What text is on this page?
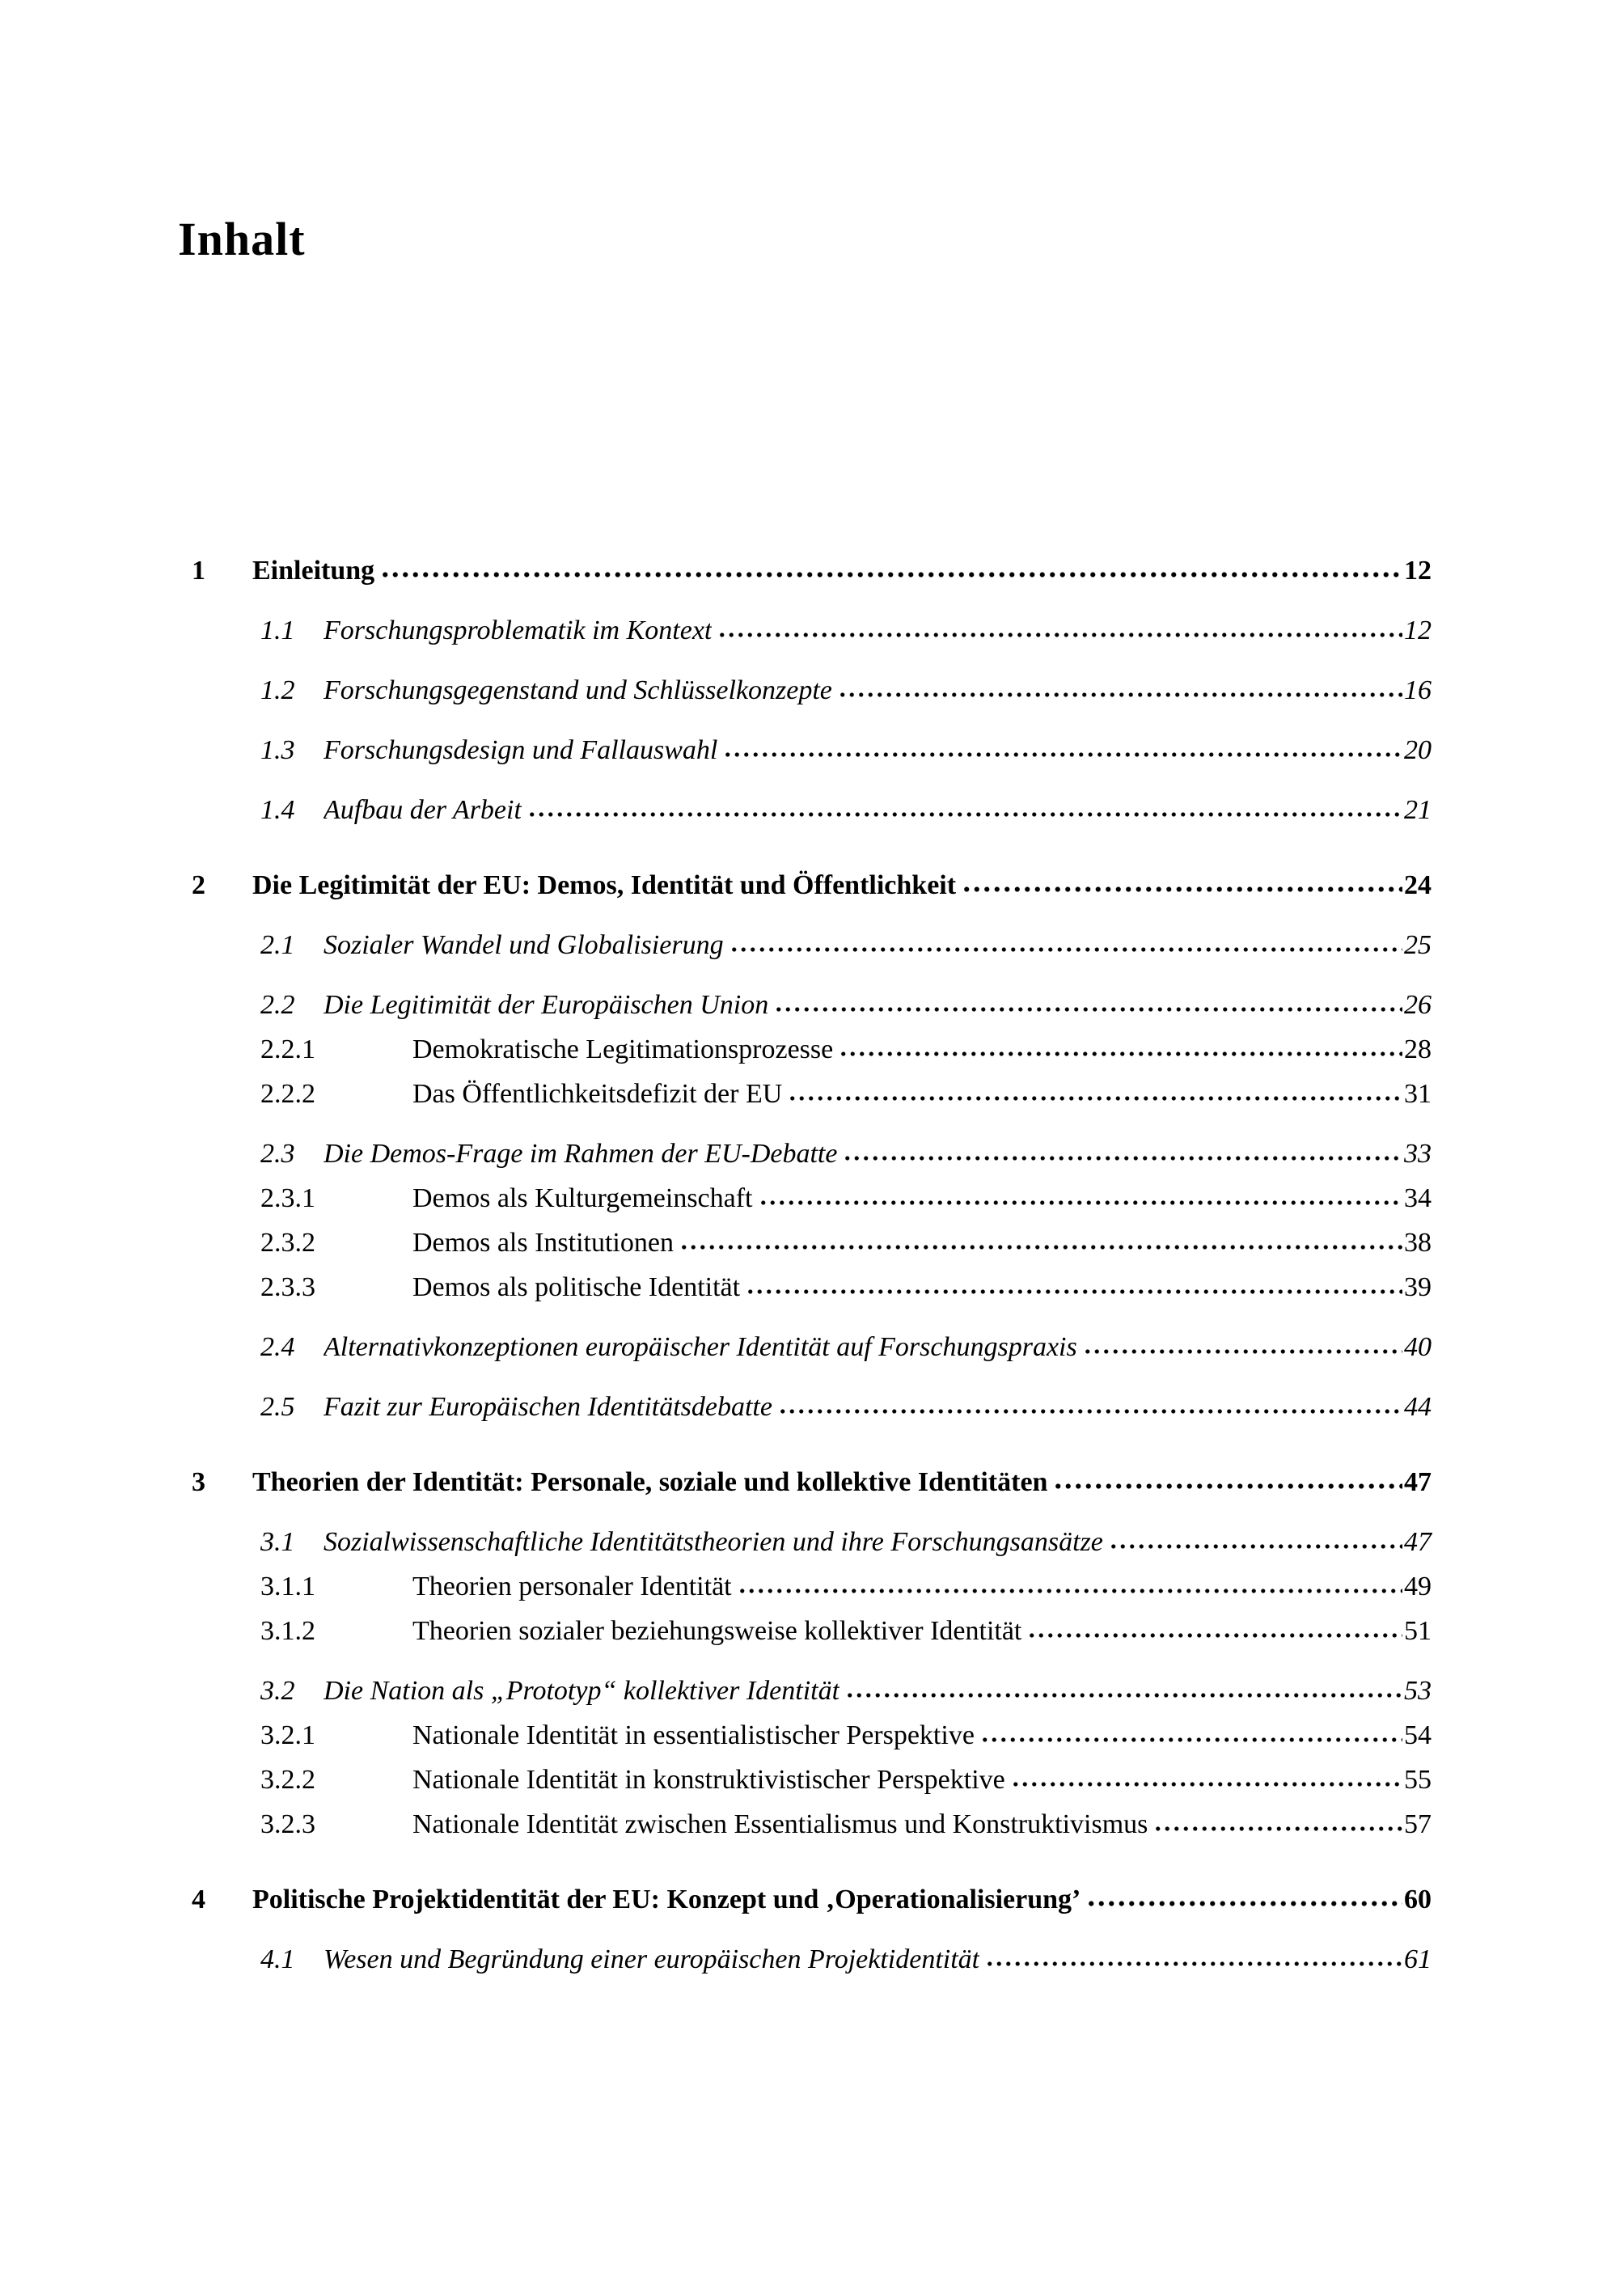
Inhalt
1	Einleitung	12
1.1	Forschungsproblematik im Kontext	12
1.2	Forschungsgegenstand und Schlüsselkonzepte	16
1.3	Forschungsdesign und Fallauswahl	20
1.4	Aufbau der Arbeit	21
2	Die Legitimität der EU: Demos, Identität und Öffentlichkeit	24
2.1	Sozialer Wandel und Globalisierung	25
2.2	Die Legitimität der Europäischen Union	26
2.2.1	Demokratische Legitimationsprozesse	28
2.2.2	Das Öffentlichkeitsdefizit der EU	31
2.3	Die Demos-Frage im Rahmen der EU-Debatte	33
2.3.1	Demos als Kulturgemeinschaft	34
2.3.2	Demos als Institutionen	38
2.3.3	Demos als politische Identität	39
2.4	Alternativkonzeptionen europäischer Identität auf Forschungspraxis	40
2.5	Fazit zur Europäischen Identitätsdebatte	44
3	Theorien der Identität: Personale, soziale und kollektive Identitäten	47
3.1	Sozialwissenschaftliche Identitätstheorien und ihre Forschungsansätze	47
3.1.1	Theorien personaler Identität	49
3.1.2	Theorien sozialer beziehungsweise kollektiver Identität	51
3.2	Die Nation als „Prototyp“ kollektiver Identität	53
3.2.1	Nationale Identität in essentialistischer Perspektive	54
3.2.2	Nationale Identität in konstruktivistischer Perspektive	55
3.2.3	Nationale Identität zwischen Essentialismus und Konstruktivismus	57
4	Politische Projektidentität der EU: Konzept und ‚Operationalisierung’	60
4.1	Wesen und Begründung einer europäischen Projektidentität	61
